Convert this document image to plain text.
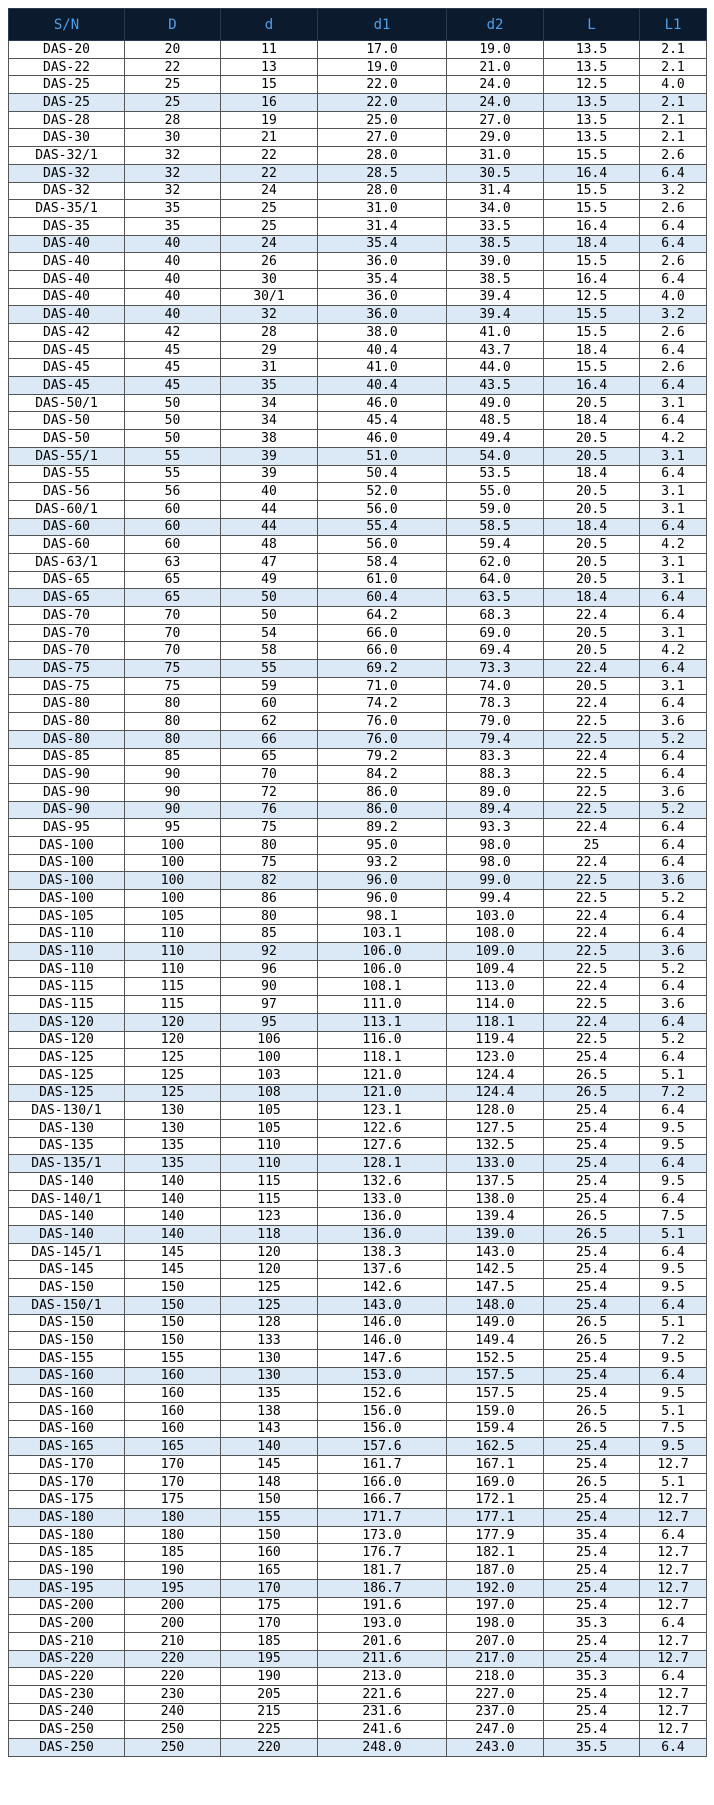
S/N	D	d	d1	d2	L	L1
DAS-20	20	11	17.0	19.0	13.5	2.1
DAS-22	22	13	19.0	21.0	13.5	2.1
DAS-25	25	15	22.0	24.0	12.5	4.0
DAS-25	25	16	22.0	24.0	13.5	2.1
DAS-28	28	19	25.0	27.0	13.5	2.1
DAS-30	30	21	27.0	29.0	13.5	2.1
DAS-32/1	32	22	28.0	31.0	15.5	2.6
DAS-32	32	22	28.5	30.5	16.4	6.4
DAS-32	32	24	28.0	31.4	15.5	3.2
DAS-35/1	35	25	31.0	34.0	15.5	2.6
DAS-35	35	25	31.4	33.5	16.4	6.4
DAS-40	40	24	35.4	38.5	18.4	6.4
DAS-40	40	26	36.0	39.0	15.5	2.6
DAS-40	40	30	35.4	38.5	16.4	6.4
DAS-40	40	30/1	36.0	39.4	12.5	4.0
DAS-40	40	32	36.0	39.4	15.5	3.2
DAS-42	42	28	38.0	41.0	15.5	2.6
DAS-45	45	29	40.4	43.7	18.4	6.4
DAS-45	45	31	41.0	44.0	15.5	2.6
DAS-45	45	35	40.4	43.5	16.4	6.4
DAS-50/1	50	34	46.0	49.0	20.5	3.1
DAS-50	50	34	45.4	48.5	18.4	6.4
DAS-50	50	38	46.0	49.4	20.5	4.2
DAS-55/1	55	39	51.0	54.0	20.5	3.1
DAS-55	55	39	50.4	53.5	18.4	6.4
DAS-56	56	40	52.0	55.0	20.5	3.1
DAS-60/1	60	44	56.0	59.0	20.5	3.1
DAS-60	60	44	55.4	58.5	18.4	6.4
DAS-60	60	48	56.0	59.4	20.5	4.2
DAS-63/1	63	47	58.4	62.0	20.5	3.1
DAS-65	65	49	61.0	64.0	20.5	3.1
DAS-65	65	50	60.4	63.5	18.4	6.4
DAS-70	70	50	64.2	68.3	22.4	6.4
DAS-70	70	54	66.0	69.0	20.5	3.1
DAS-70	70	58	66.0	69.4	20.5	4.2
DAS-75	75	55	69.2	73.3	22.4	6.4
DAS-75	75	59	71.0	74.0	20.5	3.1
DAS-80	80	60	74.2	78.3	22.4	6.4
DAS-80	80	62	76.0	79.0	22.5	3.6
DAS-80	80	66	76.0	79.4	22.5	5.2
DAS-85	85	65	79.2	83.3	22.4	6.4
DAS-90	90	70	84.2	88.3	22.5	6.4
DAS-90	90	72	86.0	89.0	22.5	3.6
DAS-90	90	76	86.0	89.4	22.5	5.2
DAS-95	95	75	89.2	93.3	22.4	6.4
DAS-100	100	80	95.0	98.0	25	6.4
DAS-100	100	75	93.2	98.0	22.4	6.4
DAS-100	100	82	96.0	99.0	22.5	3.6
DAS-100	100	86	96.0	99.4	22.5	5.2
DAS-105	105	80	98.1	103.0	22.4	6.4
DAS-110	110	85	103.1	108.0	22.4	6.4
DAS-110	110	92	106.0	109.0	22.5	3.6
DAS-110	110	96	106.0	109.4	22.5	5.2
DAS-115	115	90	108.1	113.0	22.4	6.4
DAS-115	115	97	111.0	114.0	22.5	3.6
DAS-120	120	95	113.1	118.1	22.4	6.4
DAS-120	120	106	116.0	119.4	22.5	5.2
DAS-125	125	100	118.1	123.0	25.4	6.4
DAS-125	125	103	121.0	124.4	26.5	5.1
DAS-125	125	108	121.0	124.4	26.5	7.2
DAS-130/1	130	105	123.1	128.0	25.4	6.4
DAS-130	130	105	122.6	127.5	25.4	9.5
DAS-135	135	110	127.6	132.5	25.4	9.5
DAS-135/1	135	110	128.1	133.0	25.4	6.4
DAS-140	140	115	132.6	137.5	25.4	9.5
DAS-140/1	140	115	133.0	138.0	25.4	6.4
DAS-140	140	123	136.0	139.4	26.5	7.5
DAS-140	140	118	136.0	139.0	26.5	5.1
DAS-145/1	145	120	138.3	143.0	25.4	6.4
DAS-145	145	120	137.6	142.5	25.4	9.5
DAS-150	150	125	142.6	147.5	25.4	9.5
DAS-150/1	150	125	143.0	148.0	25.4	6.4
DAS-150	150	128	146.0	149.0	26.5	5.1
DAS-150	150	133	146.0	149.4	26.5	7.2
DAS-155	155	130	147.6	152.5	25.4	9.5
DAS-160	160	130	153.0	157.5	25.4	6.4
DAS-160	160	135	152.6	157.5	25.4	9.5
DAS-160	160	138	156.0	159.0	26.5	5.1
DAS-160	160	143	156.0	159.4	26.5	7.5
DAS-165	165	140	157.6	162.5	25.4	9.5
DAS-170	170	145	161.7	167.1	25.4	12.7
DAS-170	170	148	166.0	169.0	26.5	5.1
DAS-175	175	150	166.7	172.1	25.4	12.7
DAS-180	180	155	171.7	177.1	25.4	12.7
DAS-180	180	150	173.0	177.9	35.4	6.4
DAS-185	185	160	176.7	182.1	25.4	12.7
DAS-190	190	165	181.7	187.0	25.4	12.7
DAS-195	195	170	186.7	192.0	25.4	12.7
DAS-200	200	175	191.6	197.0	25.4	12.7
DAS-200	200	170	193.0	198.0	35.3	6.4
DAS-210	210	185	201.6	207.0	25.4	12.7
DAS-220	220	195	211.6	217.0	25.4	12.7
DAS-220	220	190	213.0	218.0	35.3	6.4
DAS-230	230	205	221.6	227.0	25.4	12.7
DAS-240	240	215	231.6	237.0	25.4	12.7
DAS-250	250	225	241.6	247.0	25.4	12.7
DAS-250	250	220	248.0	243.0	35.5	6.4
